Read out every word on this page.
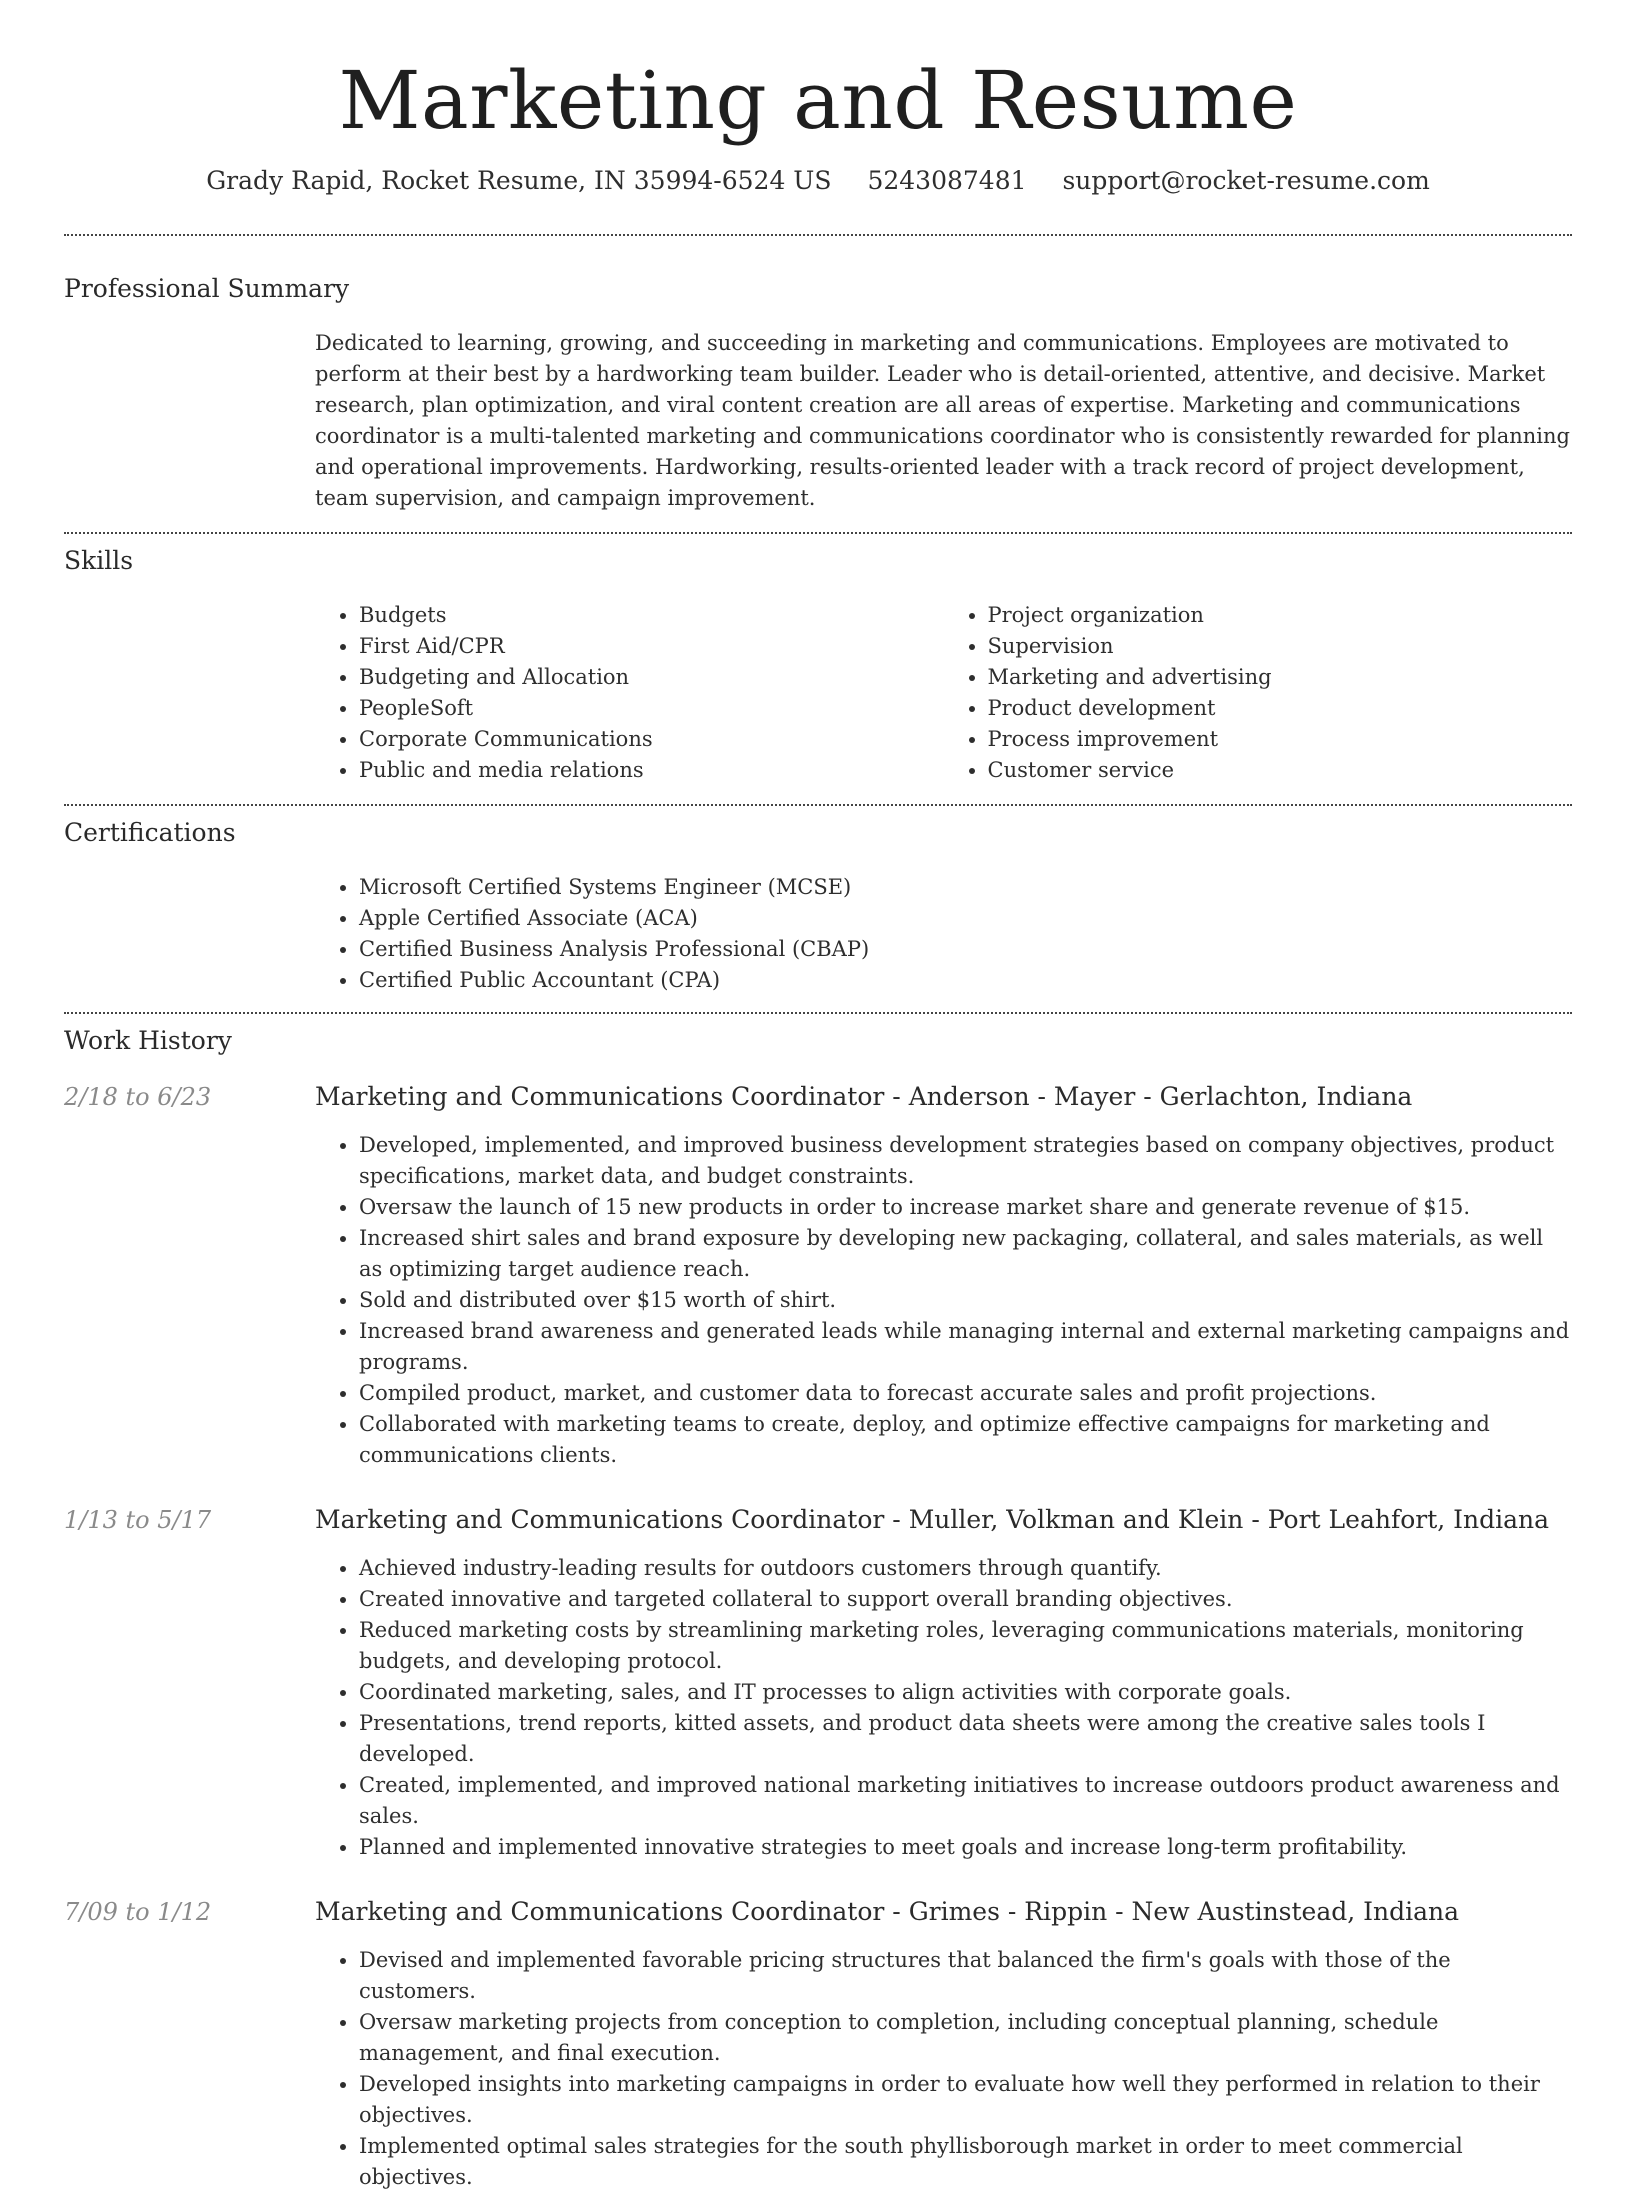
Marketing and Resume
Grady Rapid, Rocket Resume, IN 35994-6524 US 5243087481 support@rocket-resume.com
Professional Summary

Dedicated to learning, growing, and succeeding in marketing and communications. Employees are motivated to perform at their best by a hardworking team builder. Leader who is detail-oriented, attentive, and decisive. Market research, plan optimization, and viral content creation are all areas of expertise. Marketing and communications coordinator is a multi-talented marketing and communications coordinator who is consistently rewarded for planning and operational improvements. Hardworking, results-oriented leader with a track record of project development, team supervision, and campaign improvement.

Skills
• Budgets
• First Aid/CPR
• Budgeting and Allocation
• PeopleSoft
• Corporate Communications
• Public and media relations
• Project organization
• Supervision
• Marketing and advertising
• Product development
• Process improvement
• Customer service
Certifications
• Microsoft Certified Systems Engineer (MCSE)
• Apple Certified Associate (ACA)
• Certified Business Analysis Professional (CBAP)
• Certified Public Accountant (CPA)
Work History
2/18 to 6/23	Marketing and Communications Coordinator - Anderson - Mayer - Gerlachton, Indiana
• Developed, implemented, and improved business development strategies based on company objectives, product specifications, market data, and budget constraints.
• Oversaw the launch of 15 new products in order to increase market share and generate revenue of $15.
• Increased shirt sales and brand exposure by developing new packaging, collateral, and sales materials, as well as optimizing target audience reach.
• Sold and distributed over $15 worth of shirt.
• Increased brand awareness and generated leads while managing internal and external marketing campaigns and programs.
• Compiled product, market, and customer data to forecast accurate sales and profit projections.
• Collaborated with marketing teams to create, deploy, and optimize effective campaigns for marketing and communications clients.
1/13 to 5/17	Marketing and Communications Coordinator - Muller, Volkman and Klein - Port Leahfort, Indiana
• Achieved industry-leading results for outdoors customers through quantify.
• Created innovative and targeted collateral to support overall branding objectives.
• Reduced marketing costs by streamlining marketing roles, leveraging communications materials, monitoring budgets, and developing protocol.
• Coordinated marketing, sales, and IT processes to align activities with corporate goals.
• Presentations, trend reports, kitted assets, and product data sheets were among the creative sales tools I developed.
• Created, implemented, and improved national marketing initiatives to increase outdoors product awareness and sales.
• Planned and implemented innovative strategies to meet goals and increase long-term profitability.
7/09 to 1/12	Marketing and Communications Coordinator - Grimes - Rippin - New Austinstead, Indiana
• Devised and implemented favorable pricing structures that balanced the firm's goals with those of the customers.
• Oversaw marketing projects from conception to completion, including conceptual planning, schedule management, and final execution.
• Developed insights into marketing campaigns in order to evaluate how well they performed in relation to their objectives.
• Implemented optimal sales strategies for the south phyllisborough market in order to meet commercial objectives.
